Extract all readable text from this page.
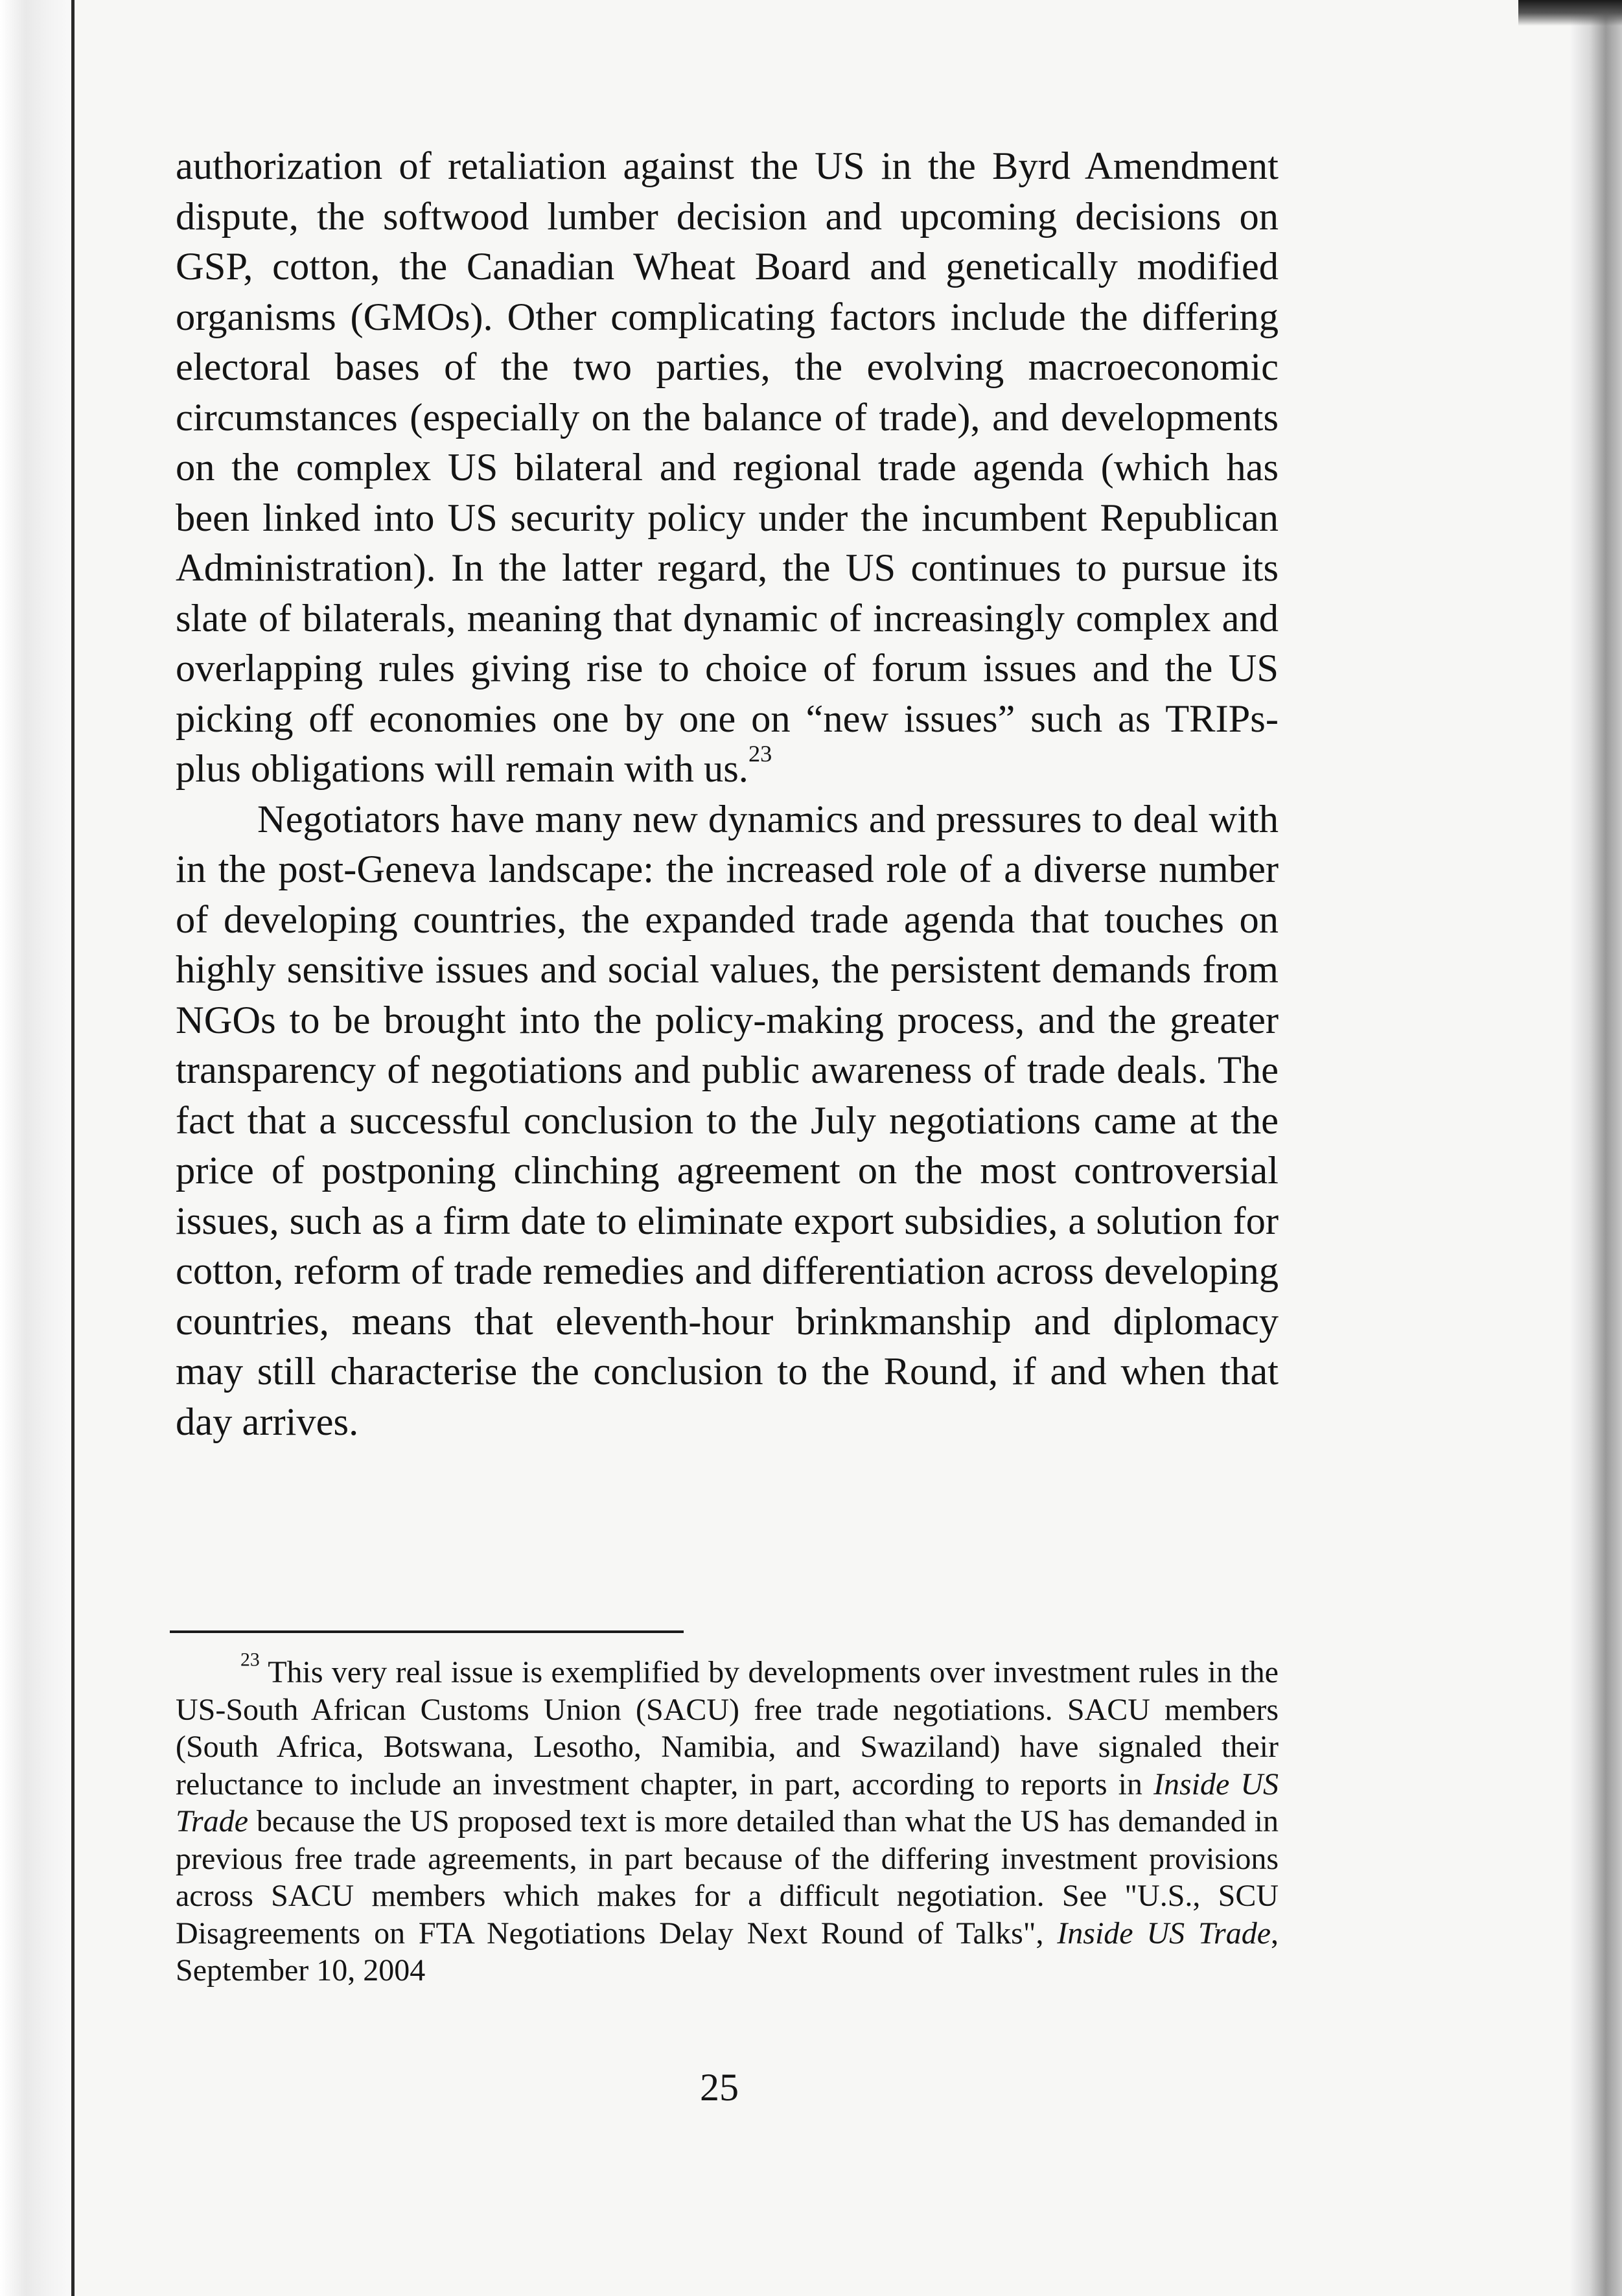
authorization of retaliation against the US in the Byrd Amendment dispute, the softwood lumber decision and upcoming decisions on GSP, cotton, the Canadian Wheat Board and genetically modified organisms (GMOs). Other complicating factors include the differing electoral bases of the two parties, the evolving macroeconomic circumstances (especially on the balance of trade), and developments on the complex US bilateral and regional trade agenda (which has been linked into US security policy under the incumbent Republican Administration). In the latter regard, the US continues to pursue its slate of bilaterals, meaning that dynamic of increasingly complex and overlapping rules giving rise to choice of forum issues and the US picking off economies one by one on “new issues” such as TRIPs-plus obligations will remain with us.$^{23}$

Negotiators have many new dynamics and pressures to deal with in the post-Geneva landscape: the increased role of a diverse number of developing countries, the expanded trade agenda that touches on highly sensitive issues and social values, the persistent demands from NGOs to be brought into the policy-making process, and the greater transparency of negotiations and public awareness of trade deals. The fact that a successful conclusion to the July negotiations came at the price of postponing clinching agreement on the most controversial issues, such as a firm date to eliminate export subsidies, a solution for cotton, reform of trade remedies and differentiation across developing countries, means that eleventh-hour brinkmanship and diplomacy may still characterise the conclusion to the Round, if and when that day arrives.

$^{23}$ This very real issue is exemplified by developments over investment rules in the US-South African Customs Union (SACU) free trade negotiations. SACU members (South Africa, Botswana, Lesotho, Namibia, and Swaziland) have signaled their reluctance to include an investment chapter, in part, according to reports in Inside US Trade because the US proposed text is more detailed than what the US has demanded in previous free trade agreements, in part because of the differing investment provisions across SACU members which makes for a difficult negotiation. See "U.S., SCU Disagreements on FTA Negotiations Delay Next Round of Talks", Inside US Trade, September 10, 2004

25
